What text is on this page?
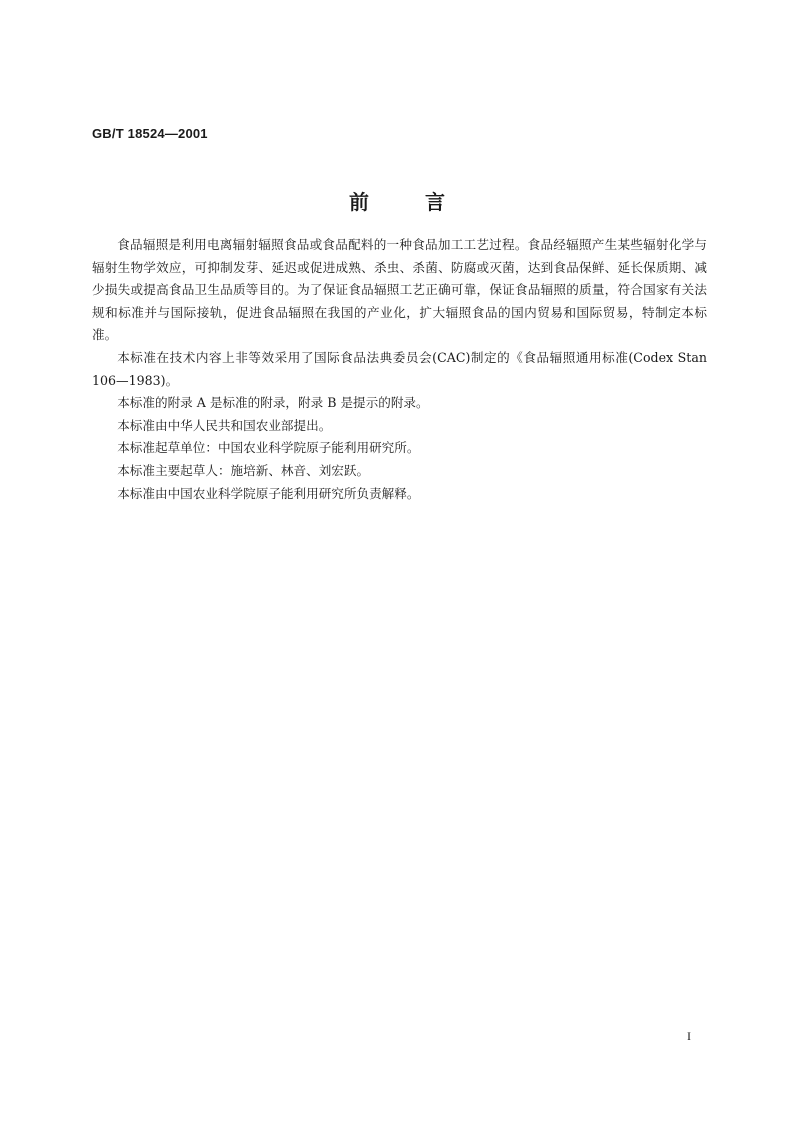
GB/T 18524—2001
前言

食品辐照是利用电离辐射辐照食品或食品配料的一种食品加工工艺过程。食品经辐照产生某些辐射化学与辐射生物学效应，可抑制发芽、延迟或促进成熟、杀虫、杀菌、防腐或灭菌，达到食品保鲜、延长保质期、减少损失或提高食品卫生品质等目的。为了保证食品辐照工艺正确可靠，保证食品辐照的质量，符合国家有关法规和标准并与国际接轨，促进食品辐照在我国的产业化，扩大辐照食品的国内贸易和国际贸易，特制定本标准。

本标准在技术内容上非等效采用了国际食品法典委员会(CAC)制定的《食品辐照通用标准(Codex Stan 106—1983)。

本标准的附录 A 是标准的附录，附录 B 是提示的附录。

本标准由中华人民共和国农业部提出。

本标准起草单位：中国农业科学院原子能利用研究所。

本标准主要起草人：施培新、林音、刘宏跃。

本标准由中国农业科学院原子能利用研究所负责解释。

I
